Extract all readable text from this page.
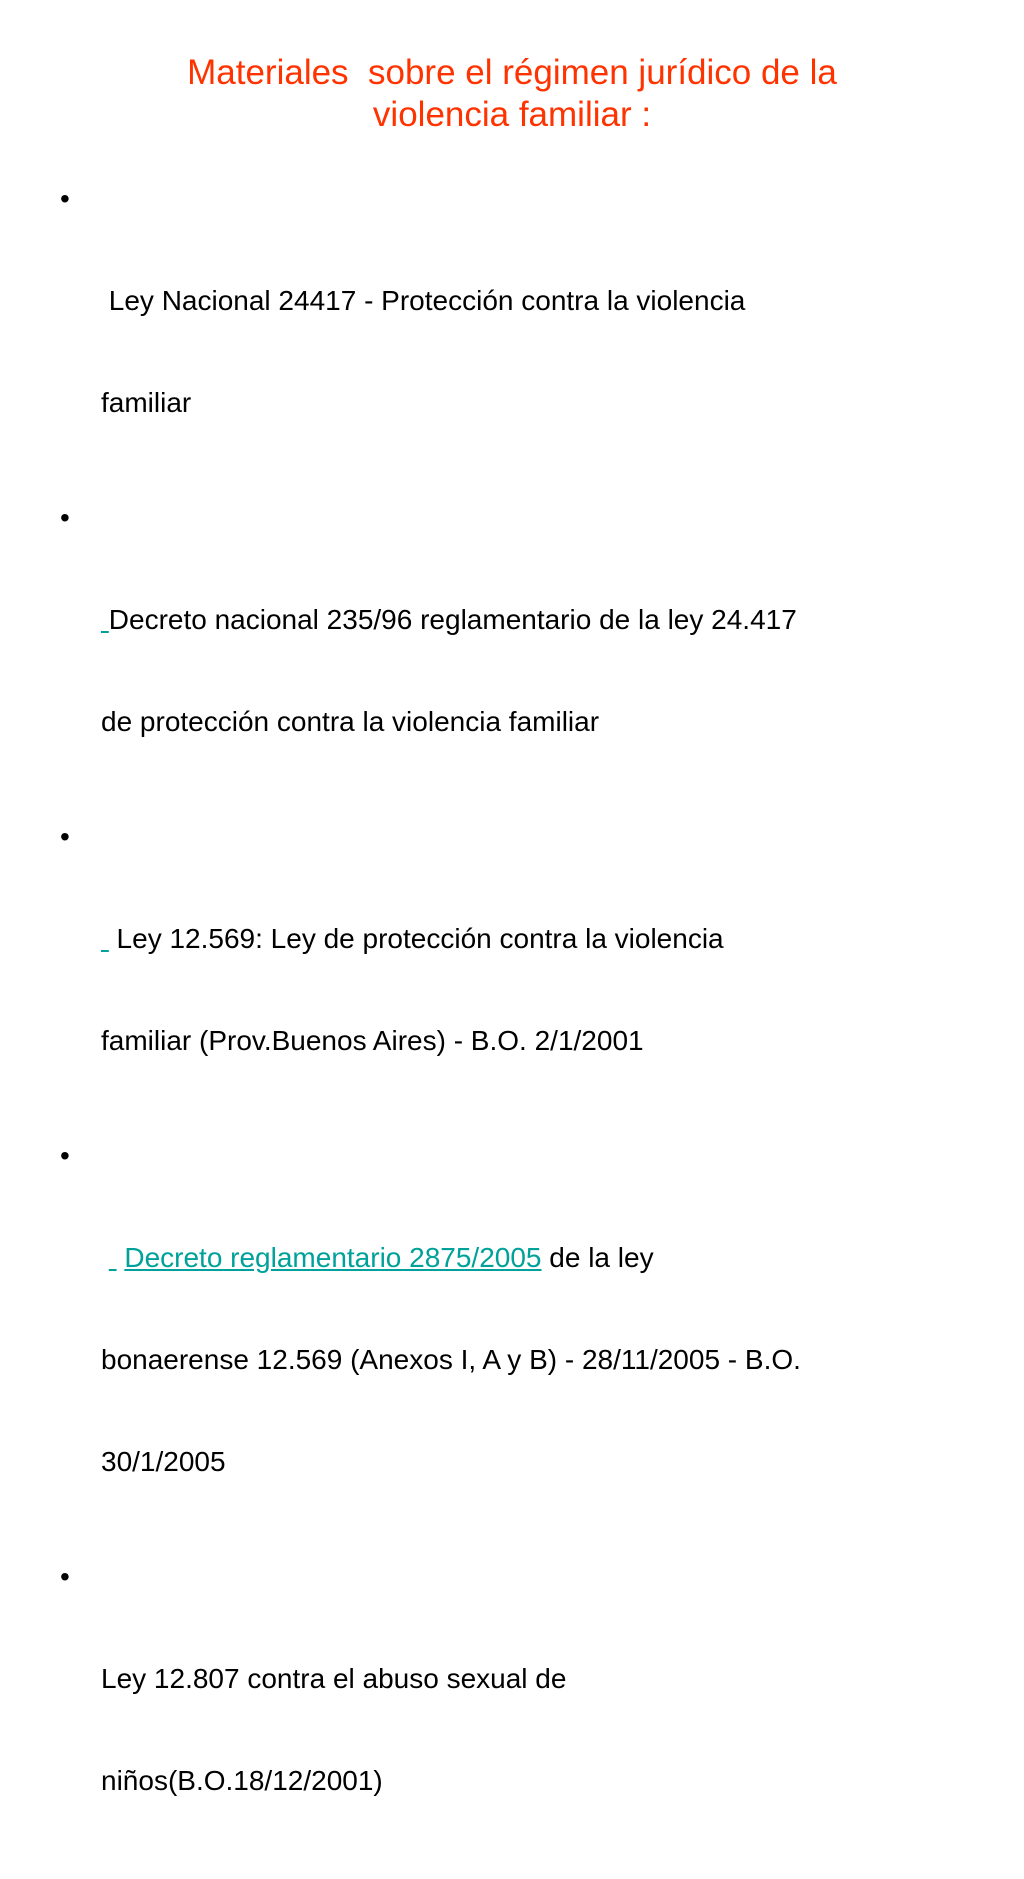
Materiales  sobre el régimen jurídico de la
violencia familiar :

•

Ley Nacional 24417 - Protección contra la violencia

familiar

•

Decreto nacional 235/96 reglamentario de la ley 24.417

de protección contra la violencia familiar

•

Ley 12.569: Ley de protección contra la violencia

familiar (Prov.Buenos Aires) - B.O. 2/1/2001

•

Decreto reglamentario 2875/2005 de la ley

bonaerense 12.569 (Anexos I, A y B) - 28/11/2005 - B.O.

30/1/2005

•

Ley 12.807 contra el abuso sexual de

niños(B.O.18/12/2001)
